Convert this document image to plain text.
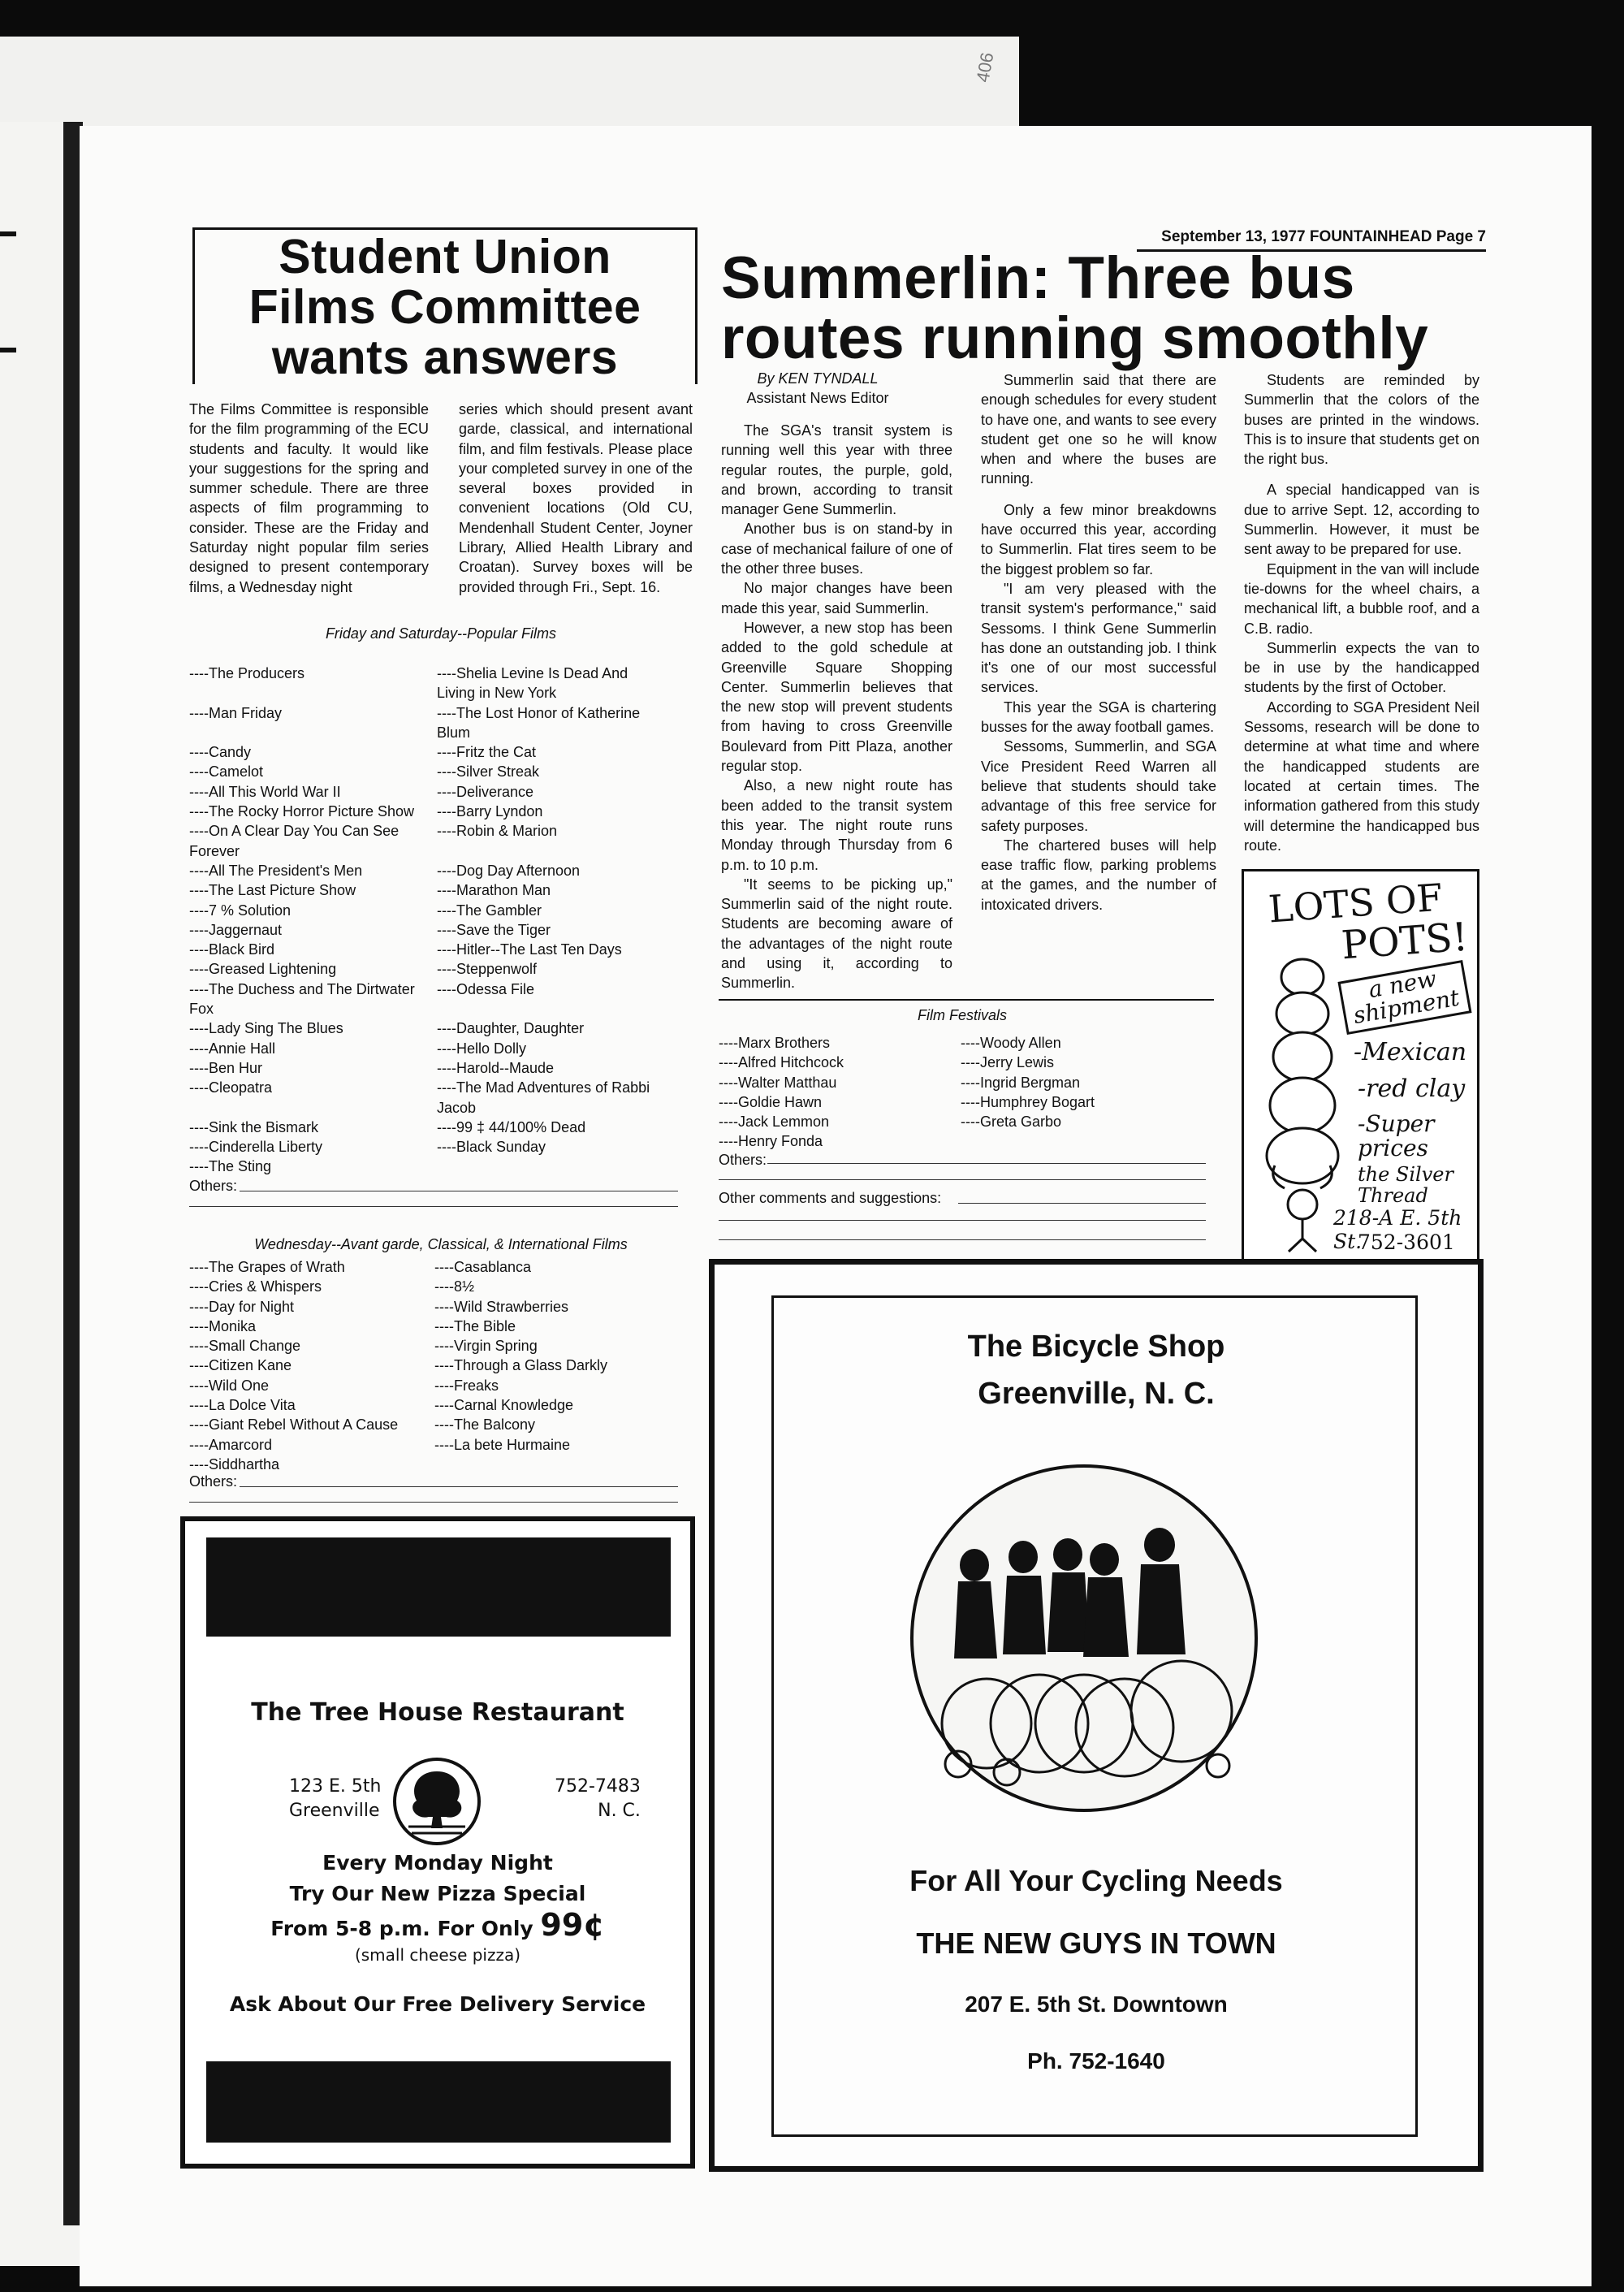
406
September 13, 1977 FOUNTAINHEAD Page 7
Student Union
Films Committee
wants answers
The Films Committee is responsible for the film programming of the ECU students and faculty. It would like your suggestions for the spring and summer schedule. There are three aspects of film programming to consider. These are the Friday and Saturday night popular film series designed to present contemporary films, a Wednesday night
series which should present avant garde, classical, and international film, and film festivals. Please place your completed survey in one of the several boxes provided in convenient locations (Old CU, Mendenhall Student Center, Joyner Library, Allied Health Library and Croatan). Survey boxes will be provided through Fri., Sept. 16.
Friday and Saturday--Popular Films
----The Producers

----Man Friday

----Candy
----Camelot
----All This World War II
----The Rocky Horror Picture Show
----On A Clear Day You Can See
Forever
----All The President's Men
----The Last Picture Show
----7 % Solution
----Jaggernaut
----Black Bird
----Greased Lightening
----The Duchess and The Dirtwater
Fox
----Lady Sing The Blues
----Annie Hall
----Ben Hur
----Cleopatra

----Sink the Bismark
----Cinderella Liberty
----The Sting
----Shelia Levine Is Dead And
Living in New York
----The Lost Honor of Katherine
Blum
----Fritz the Cat
----Silver Streak
----Deliverance
----Barry Lyndon
----Robin & Marion

----Dog Day Afternoon
----Marathon Man
----The Gambler
----Save the Tiger
----Hitler--The Last Ten Days
----Steppenwolf
----Odessa File

----Daughter, Daughter
----Hello Dolly
----Harold--Maude
----The Mad Adventures of Rabbi
Jacob
----99 ‡ 44/100% Dead
----Black Sunday
Others:
Wednesday--Avant garde, Classical, & International Films
----The Grapes of Wrath
----Cries & Whispers
----Day for Night
----Monika
----Small Change
----Citizen Kane
----Wild One
----La Dolce Vita
----Giant Rebel Without A Cause
----Amarcord
----Siddhartha
----Casablanca
----8½
----Wild Strawberries
----The Bible
----Virgin Spring
----Through a Glass Darkly
----Freaks
----Carnal Knowledge
----The Balcony
----La bete Hurmaine
Others:
Summerlin: Three bus
routes running smoothly
By KEN TYNDALL
Assistant News Editor
The SGA's transit system is running well this year with three regular routes, the purple, gold, and brown, according to transit manager Gene Summerlin.
Another bus is on stand-by in case of mechanical failure of one of the other three buses.
No major changes have been made this year, said Summerlin.
However, a new stop has been added to the gold schedule at Greenville Square Shopping Center. Summerlin believes that the new stop will prevent students from having to cross Greenville Boulevard from Pitt Plaza, another regular stop.
Also, a new night route has been added to the transit system this year. The night route runs Monday through Thursday from 6 p.m. to 10 p.m.
"It seems to be picking up," Summerlin said of the night route. Students are becoming aware of the advantages of the night route and using it, according to Summerlin.
Summerlin said that there are enough schedules for every student to have one, and wants to see every student get one so he will know when and where the buses are running.
Only a few minor breakdowns have occurred this year, according to Summerlin. Flat tires seem to be the biggest problem so far.
"I am very pleased with the transit system's performance," said Sessoms. I think Gene Summerlin has done an outstanding job. I think it's one of our most successful services.
This year the SGA is chartering busses for the away football games.
Sessoms, Summerlin, and SGA Vice President Reed Warren all believe that students should take advantage of this free service for safety purposes.
The chartered buses will help ease traffic flow, parking problems at the games, and the number of intoxicated drivers.
Students are reminded by Summerlin that the colors of the buses are printed in the windows. This is to insure that students get on the right bus.
A special handicapped van is due to arrive Sept. 12, according to Summerlin. However, it must be sent away to be prepared for use.
Equipment in the van will include tie-downs for the wheel chairs, a mechanical lift, a bubble roof, and a C.B. radio.
Summerlin expects the van to be in use by the handicapped students by the first of October.
According to SGA President Neil Sessoms, research will be done to determine at what time and where the handicapped students are located at certain times. The information gathered from this study will determine the handicapped bus route.
Film Festivals
----Marx Brothers
----Alfred Hitchcock
----Walter Matthau
----Goldie Hawn
----Jack Lemmon
----Henry Fonda
----Woody Allen
----Jerry Lewis
----Ingrid Bergman
----Humphrey Bogart
----Greta Garbo
Others:
Other comments and suggestions:
LOTS OF
POTS!
a new shipment
-Mexican
-red clay
-Super prices
the Silver Thread
218-A E. 5th St.
752-3601
The Tree House Restaurant
123 E. 5th
Greenville
752-7483
N. C.
Every Monday Night
Try Our New Pizza Special
From 5-8 p.m. For Only 99¢
(small cheese pizza)
Ask About Our Free Delivery Service
The Bicycle Shop
Greenville, N. C.
For All Your Cycling Needs
THE NEW GUYS IN TOWN
207 E. 5th St. Downtown
Ph. 752-1640
